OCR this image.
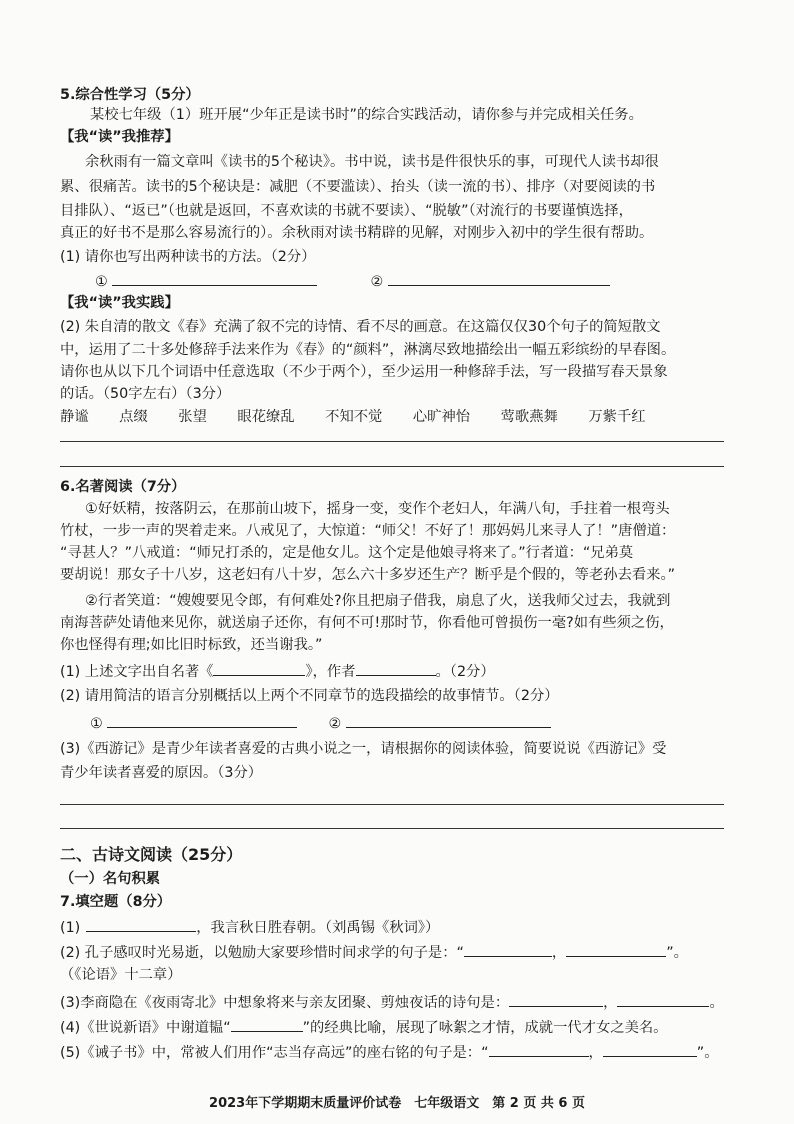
5.综合性学习（5分）
某校七年级（1）班开展“少年正是读书时”的综合实践活动，请你参与并完成相关任务。
【我“读”我推荐】
余秋雨有一篇文章叫《读书的5个秘诀》。书中说，读书是件很快乐的事，可现代人读书却很
累、很痛苦。读书的5个秘诀是：减肥（不要滥读）、抬头（读一流的书）、排序（对要阅读的书
目排队）、“返已”（也就是返回，不喜欢读的书就不要读）、“脱敏”（对流行的书要谨慎选择，
真正的好书不是那么容易流行的）。余秋雨对读书精辟的见解，对刚步入初中的学生很有帮助。
(1) 请你也写出两种读书的方法。（2分）
①	②
【我“读”我实践】
(2) 朱自清的散文《春》充满了叙不完的诗情、看不尽的画意。在这篇仅仅30个句子的简短散文
中，运用了二十多处修辞手法来作为《春》的“颜料”，淋漓尽致地描绘出一幅五彩缤纷的早春图。
请你也从以下几个词语中任意选取（不少于两个），至少运用一种修辞手法，写一段描写春天景象
的话。（50字左右）（3分）
静谧 点缀 张望 眼花缭乱 不知不觉 心旷神怡 莺歌燕舞 万紫千红
6.名著阅读（7分）
①好妖精，按落阴云，在那前山坡下，摇身一变，变作个老妇人，年满八旬，手拄着一根弯头
竹杖，一步一声的哭着走来。八戒见了，大惊道：“师父！不好了！那妈妈儿来寻人了！”唐僧道：
“寻甚人？”八戒道：“师兄打杀的，定是他女儿。这个定是他娘寻将来了。”行者道：“兄弟莫
要胡说！那女子十八岁，这老妇有八十岁，怎么六十多岁还生产？断乎是个假的，等老孙去看来。”
②行者笑道：“嫂嫂要见令郎，有何难处?你且把扇子借我，扇息了火，送我师父过去，我就到
南海菩萨处请他来见你，就送扇子还你，有何不可!那时节，你看他可曾损伤一毫?如有些须之伤，
你也怪得有理;如比旧时标致，还当谢我。”
(1) 上述文字出自名著《	》，作者	。（2分）
(2) 请用简洁的语言分别概括以上两个不同章节的选段描绘的故事情节。（2分）
①	②
(3)《西游记》是青少年读者喜爱的古典小说之一，请根据你的阅读体验，简要说说《西游记》受
青少年读者喜爱的原因。（3分）
二、古诗文阅读（25分）
（一）名句积累
7.填空题（8分）
(1)	，我言秋日胜春朝。（刘禹锡《秋词》）
(2) 孔子感叹时光易逝，以勉励大家要珍惜时间求学的句子是：“	，	”。
（《论语》十二章）
(3)李商隐在《夜雨寄北》中想象将来与亲友团聚、剪烛夜话的诗句是：	，	。
(4)《世说新语》中谢道韫“	”的经典比喻，展现了咏絮之才情，成就一代才女之美名。
(5)《诫子书》中，常被人们用作“志当存高远”的座右铭的句子是：“	，	”。
2023年下学期期末质量评价试卷　七年级语文　第 2 页 共 6 页
